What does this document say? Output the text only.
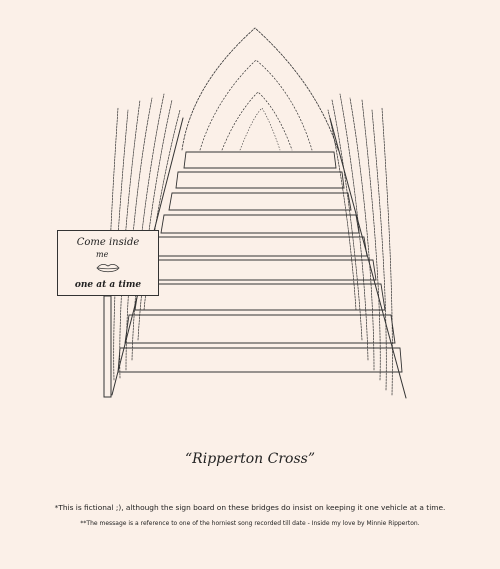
Come inside
me
one at a time
“Ripperton Cross”
*This is fictional ;), although the sign board on these bridges do insist on keeping it one vehicle at a time.
**The message is a reference to one of the horniest song recorded till date - Inside my love by Minnie Ripperton.
